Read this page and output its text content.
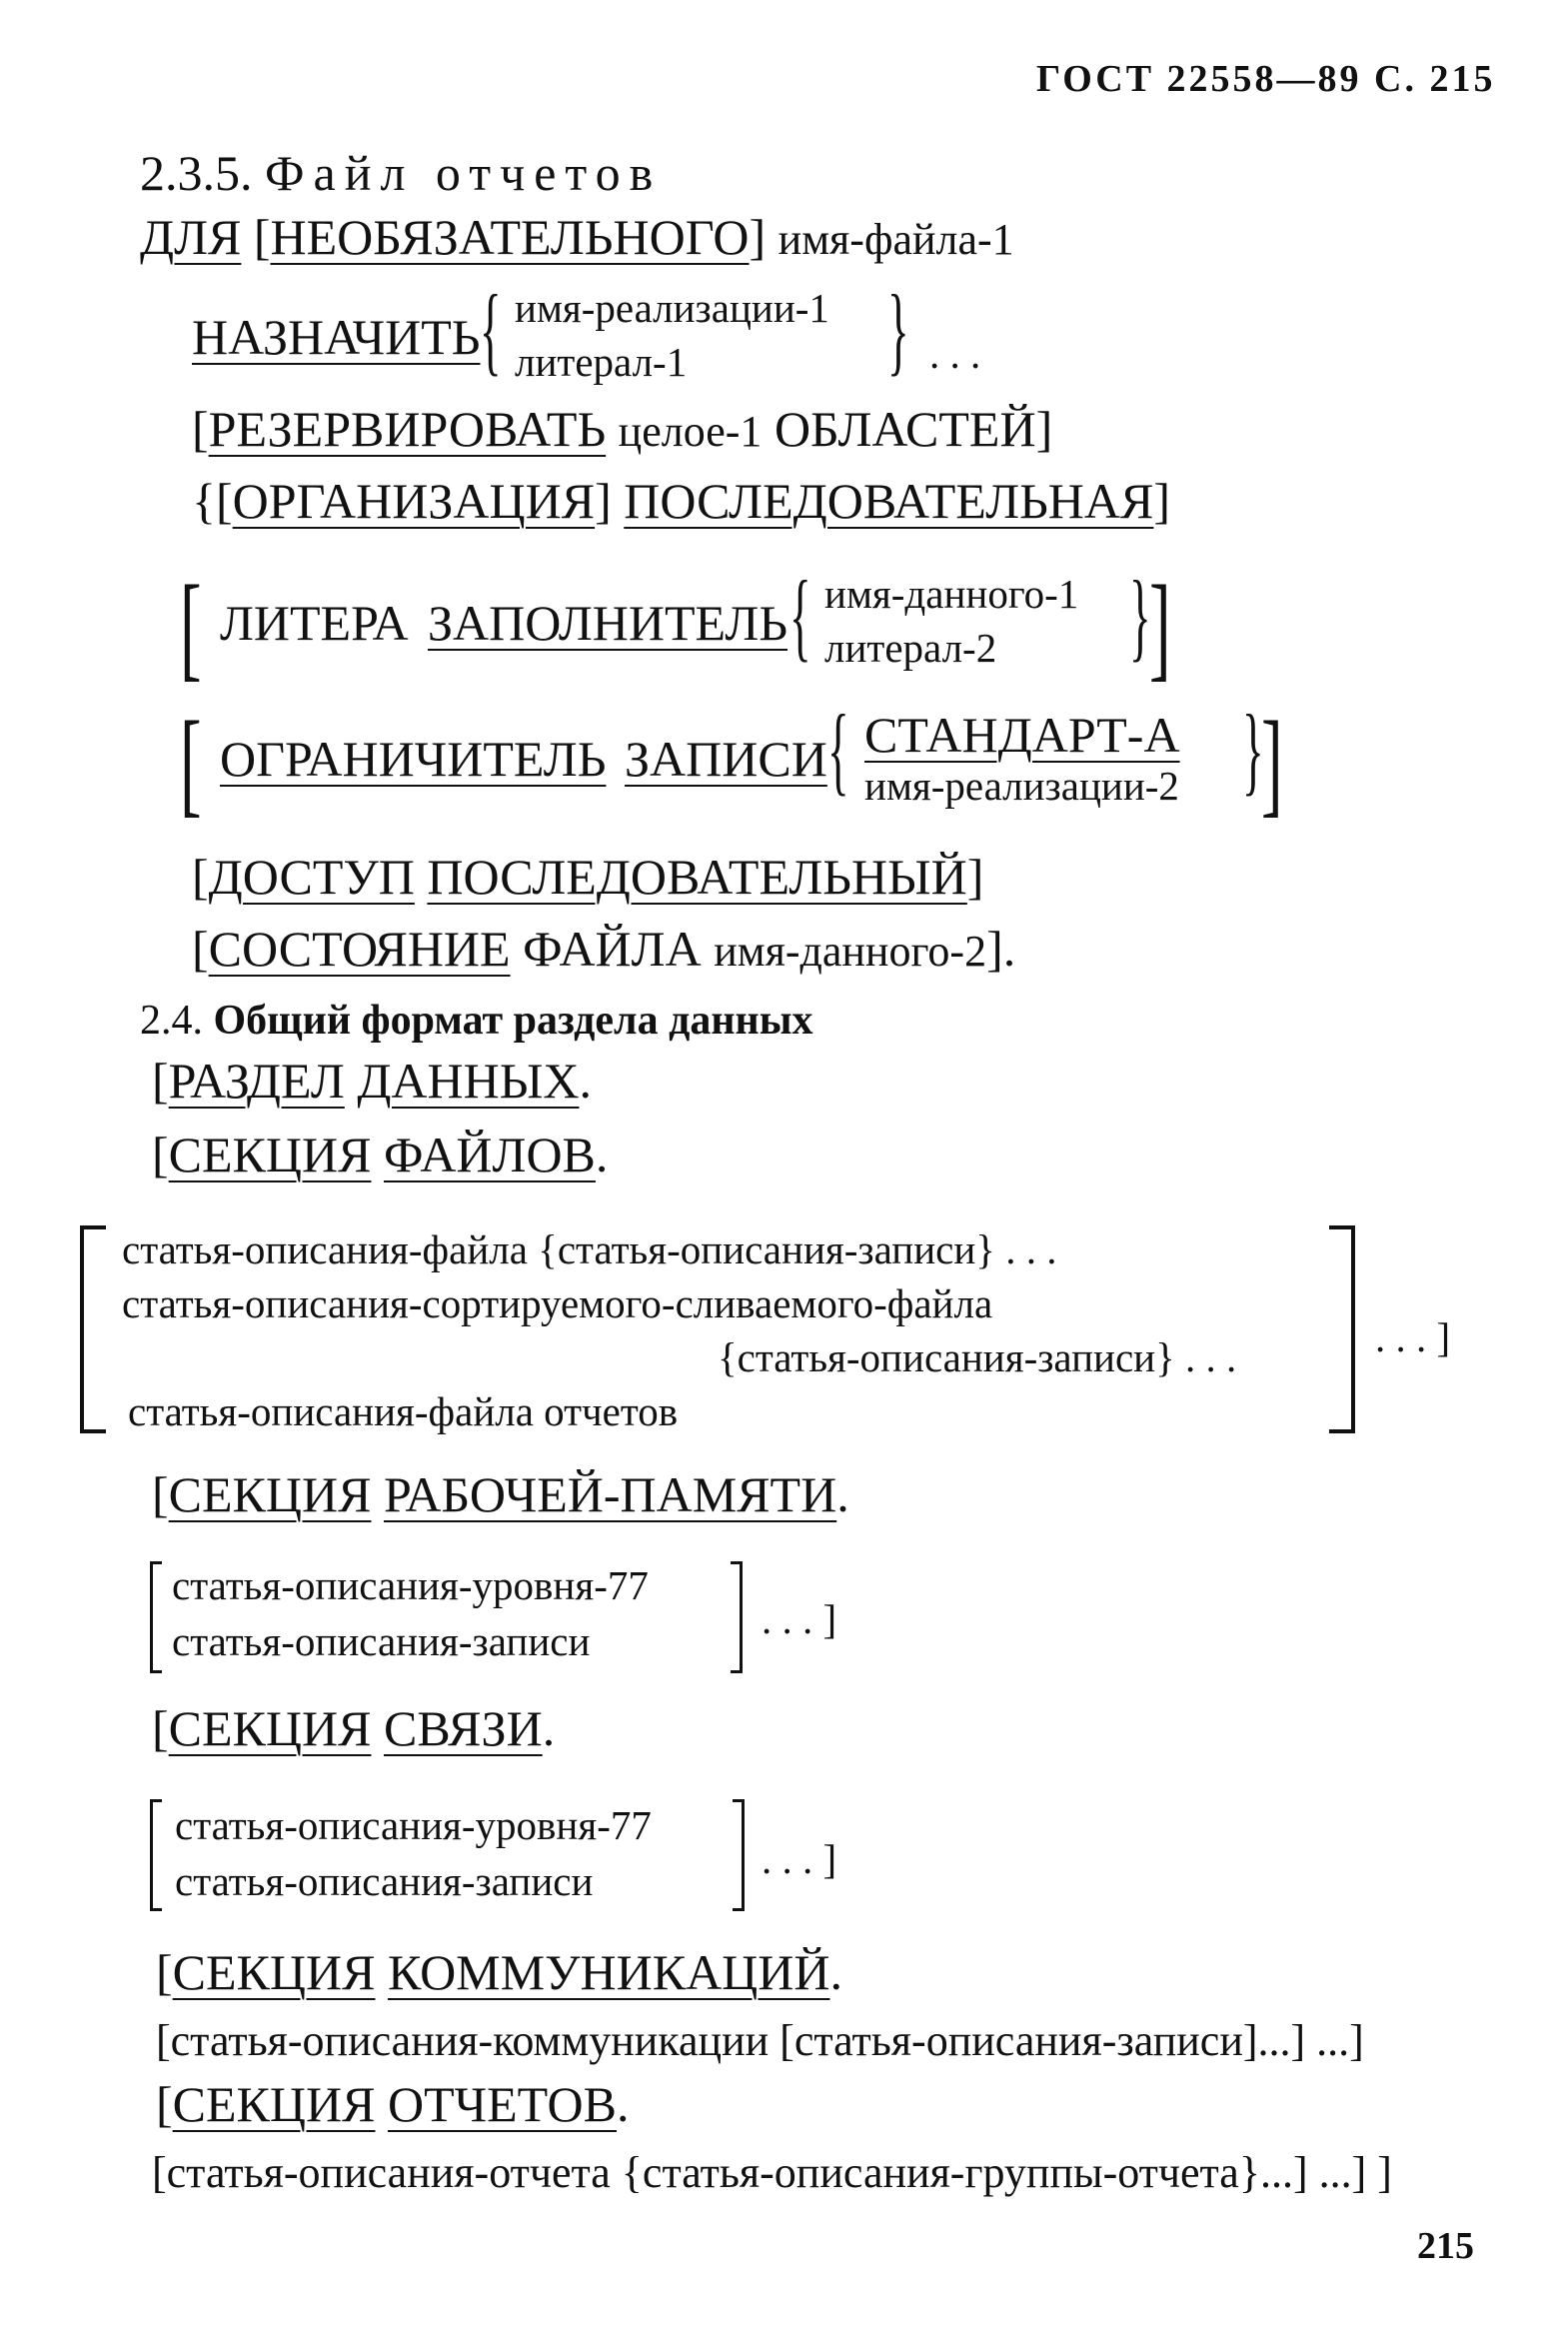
ГОСТ 22558—89 С. 215
2.3.5. Файл отчетов
ДЛЯ [НЕОБЯЗАТЕЛЬНОГО] имя-файла-1
НАЗНАЧИТЬ { имя-реализации-1
литерал-1 } . . .
[РЕЗЕРВИРОВАТЬ целое-1 ОБЛАСТЕЙ]
{[ОРГАНИЗАЦИЯ] ПОСЛЕДОВАТЕЛЬНАЯ]
[ ЛИТЕРА ЗАПОЛНИТЕЛЬ { имя-данного-1
литерал-2 }
]
[ ОГРАНИЧИТЕЛЬ ЗАПИСИ { СТАНДАРТ-А
имя-реализации-2 }
]
[ДОСТУП ПОСЛЕДОВАТЕЛЬНЫЙ]
[СОСТОЯНИЕ ФАЙЛА имя-данного-2].
2.4. Общий формат раздела данных
[РАЗДЕЛ ДАННЫХ.
[СЕКЦИЯ ФАЙЛОВ.
статья-описания-файла {статья-описания-записи} . . .
статья-описания-сортируемого-сливаемого-файла
{статья-описания-записи} . . .
статья-описания-файла отчетов
. . . ]
[СЕКЦИЯ РАБОЧЕЙ-ПАМЯТИ.
статья-описания-уровня-77
статья-описания-записи	. . . ]
[СЕКЦИЯ СВЯЗИ.
статья-описания-уровня-77
статья-описания-записи	. . . ]
[СЕКЦИЯ КОММУНИКАЦИЙ.
[статья-описания-коммуникации [статья-описания-записи]...] ...]
[СЕКЦИЯ ОТЧЕТОВ.
[статья-описания-отчета {статья-описания-группы-отчета}...] ...] ]
215
